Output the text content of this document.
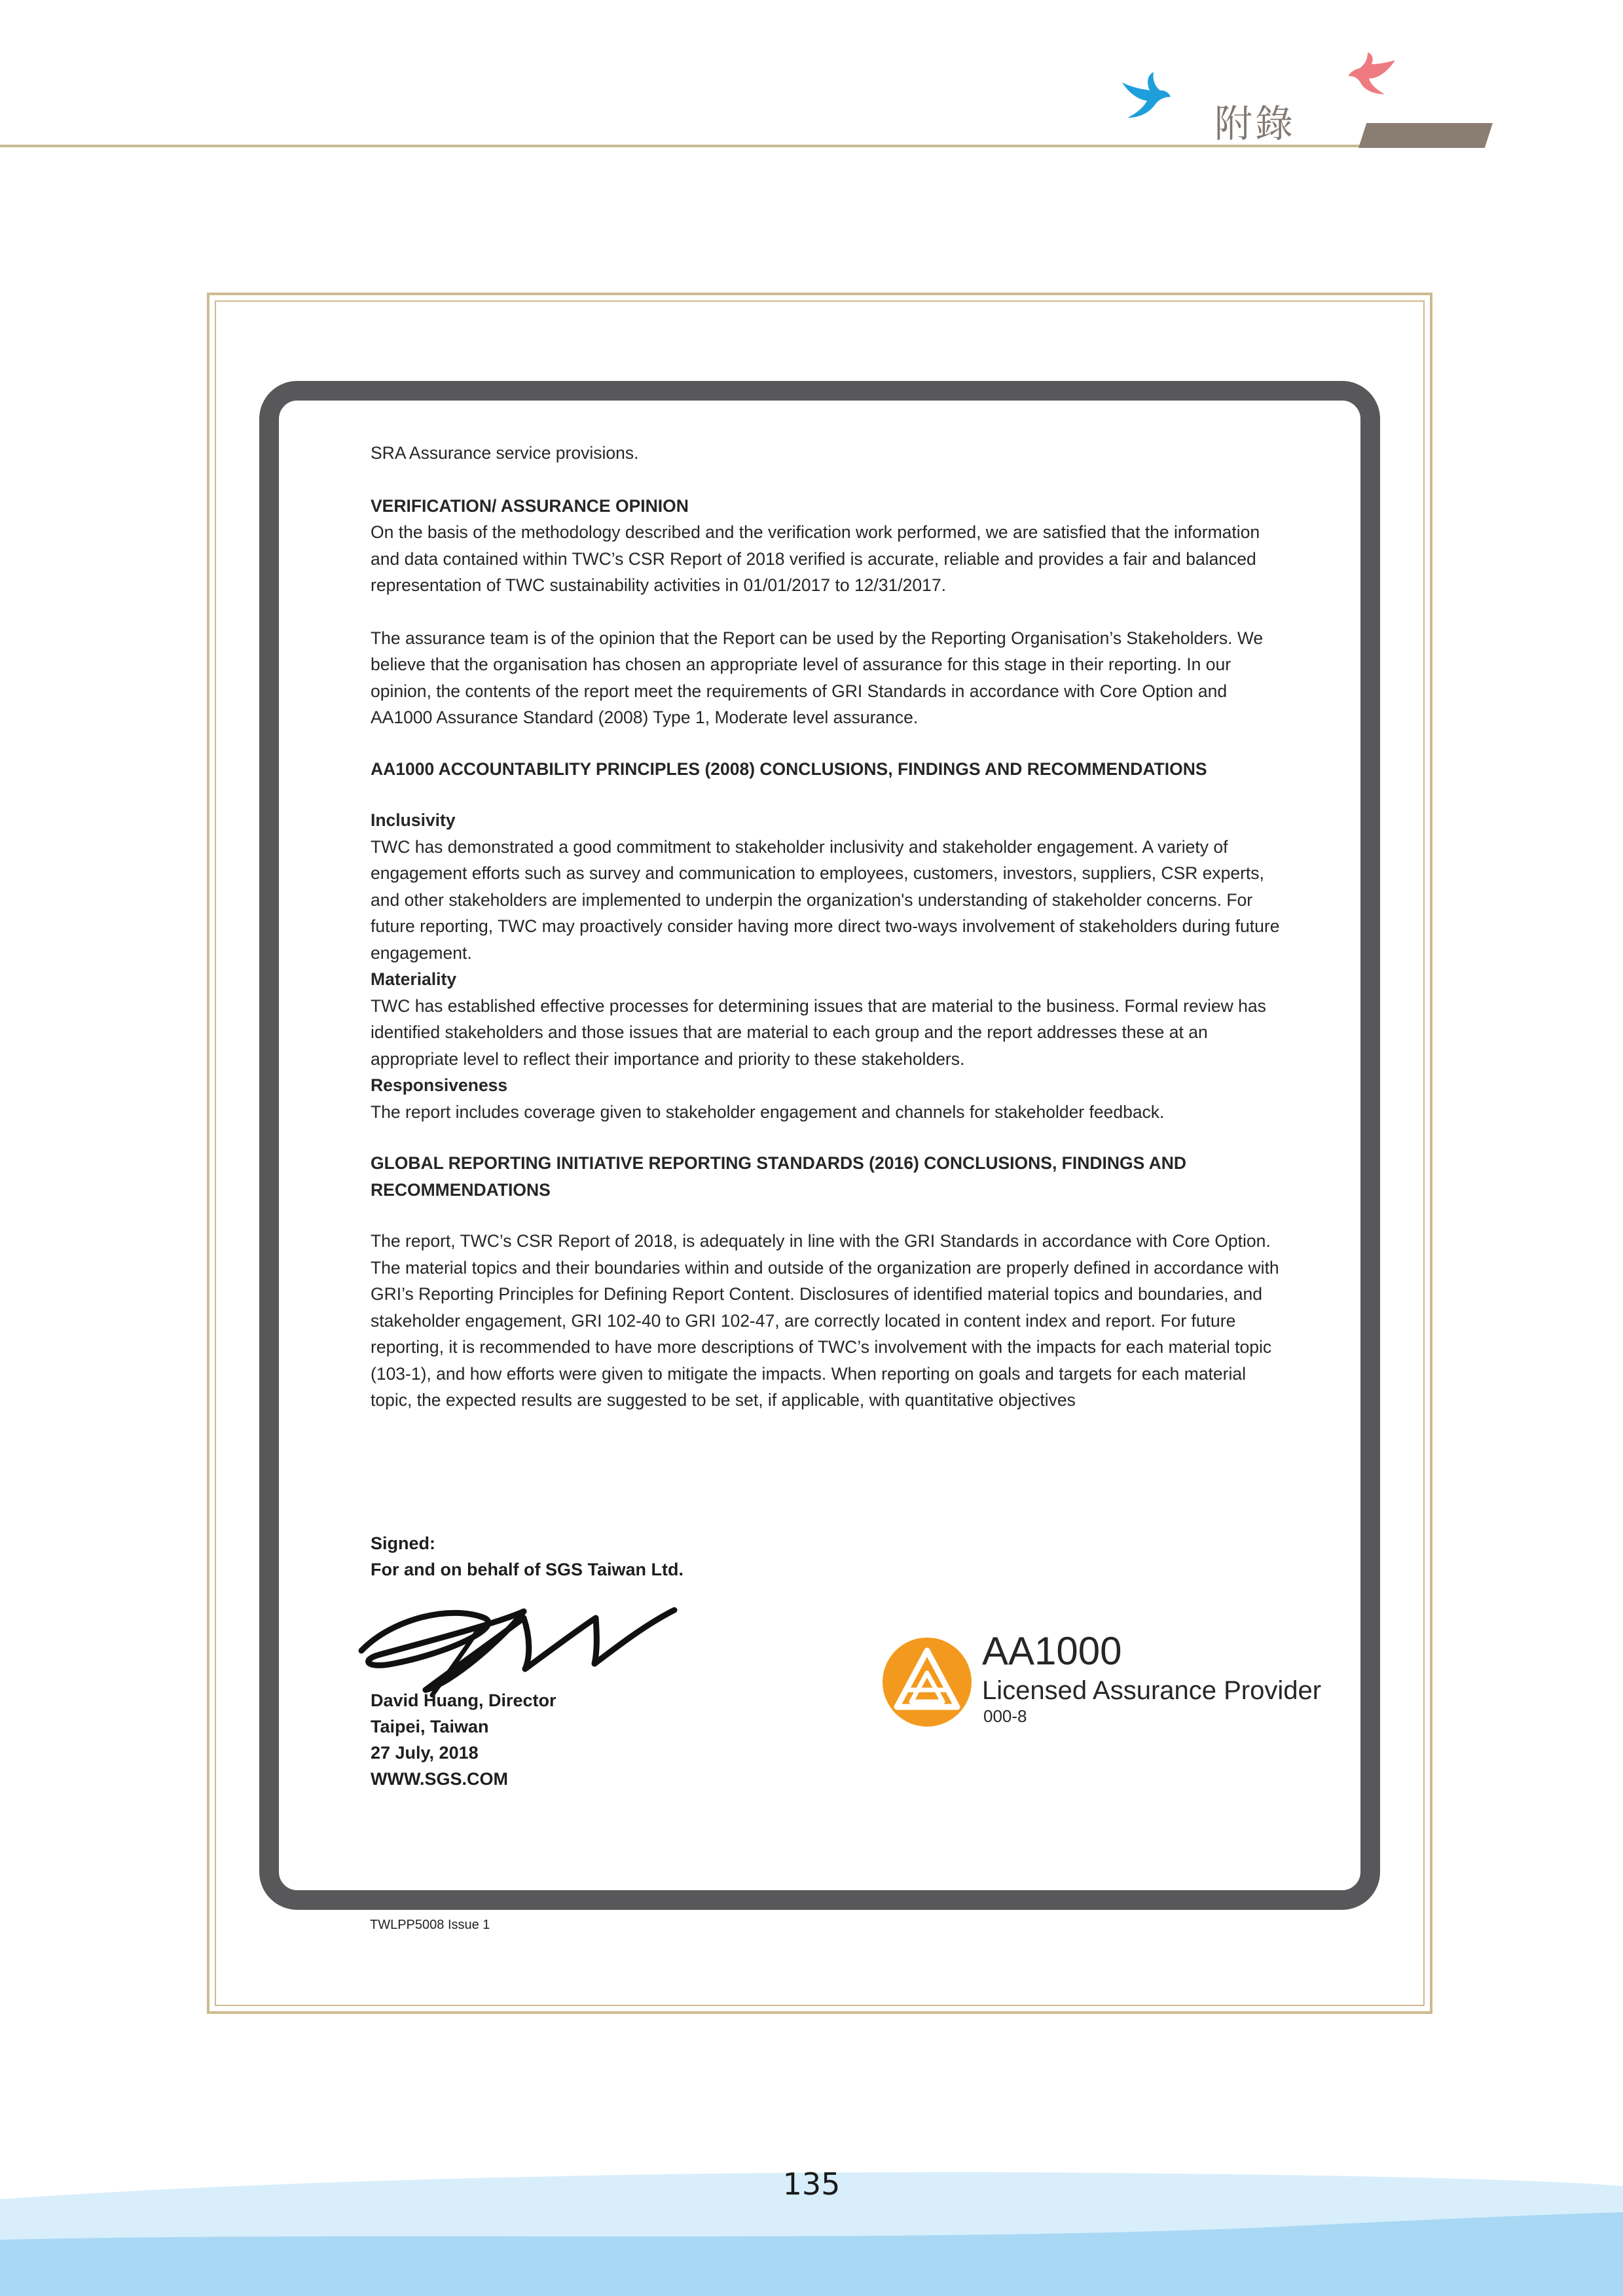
附錄

SRA Assurance service provisions.

VERIFICATION/ ASSURANCE OPINION

On the basis of the methodology described and the verification work performed, we are satisfied that the information and data contained within TWC’s CSR Report of 2018 verified is accurate, reliable and provides a fair and balanced representation of TWC sustainability activities in 01/01/2017 to 12/31/2017.

The assurance team is of the opinion that the Report can be used by the Reporting Organisation’s Stakeholders. We believe that the organisation has chosen an appropriate level of assurance for this stage in their reporting. In our opinion, the contents of the report meet the requirements of GRI Standards in accordance with Core Option and AA1000 Assurance Standard (2008) Type 1, Moderate level assurance.

AA1000 ACCOUNTABILITY PRINCIPLES (2008) CONCLUSIONS, FINDINGS AND RECOMMENDATIONS
Inclusivity

TWC has demonstrated a good commitment to stakeholder inclusivity and stakeholder engagement. A variety of engagement efforts such as survey and communication to employees, customers, investors, suppliers, CSR experts, and other stakeholders are implemented to underpin the organization's understanding of stakeholder concerns. For future reporting, TWC may proactively consider having more direct two-ways involvement of stakeholders during future engagement.

Materiality

TWC has established effective processes for determining issues that are material to the business. Formal review has identified stakeholders and those issues that are material to each group and the report addresses these at an appropriate level to reflect their importance and priority to these stakeholders.

Responsiveness

The report includes coverage given to stakeholder engagement and channels for stakeholder feedback.

GLOBAL REPORTING INITIATIVE REPORTING STANDARDS (2016) CONCLUSIONS, FINDINGS AND RECOMMENDATIONS

The report, TWC’s CSR Report of 2018, is adequately in line with the GRI Standards in accordance with Core Option. The material topics and their boundaries within and outside of the organization are properly defined in accordance with GRI’s Reporting Principles for Defining Report Content. Disclosures of identified material topics and boundaries, and stakeholder engagement, GRI 102-40 to GRI 102-47, are correctly located in content index and report. For future reporting, it is recommended to have more descriptions of TWC’s involvement with the impacts for each material topic (103-1), and how efforts were given to mitigate the impacts. When reporting on goals and targets for each material topic, the expected results are suggested to be set, if applicable, with quantitative objectives

Signed:
For and on behalf of SGS Taiwan Ltd.
David Huang, Director
Taipei, Taiwan
27 July, 2018
WWW.SGS.COM
AA1000
Licensed Assurance Provider
000-8
TWLPP5008 Issue 1
135
